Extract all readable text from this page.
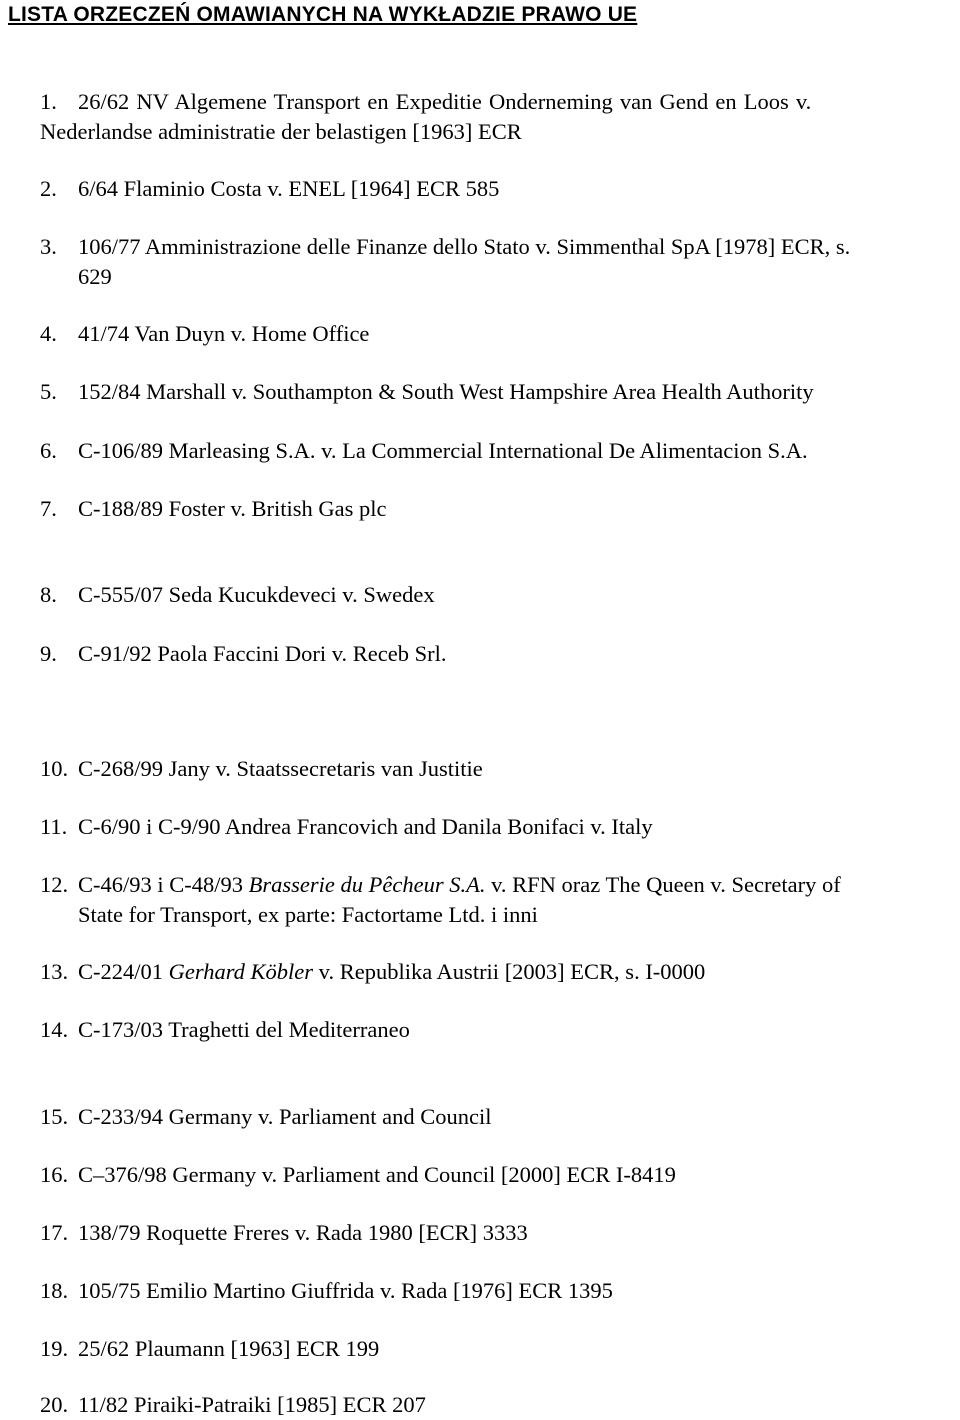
LISTA ORZECZEŃ OMAWIANYCH NA WYKŁADZIE PRAWO UE
1. 26/62 NV Algemene Transport en Expeditie Onderneming van Gend en Loos v.
Nederlandse administratie der belastigen [1963] ECR
2. 6/64 Flaminio Costa v. ENEL [1964] ECR 585
3. 106/77 Amministrazione delle Finanze dello Stato v. Simmenthal SpA [1978] ECR, s.
629
4. 41/74 Van Duyn v. Home Office
5. 152/84 Marshall v. Southampton & South West Hampshire Area Health Authority
6. C-106/89 Marleasing S.A. v. La Commercial International De Alimentacion S.A.
7. C-188/89 Foster v. British Gas plc
8. C-555/07 Seda Kucukdeveci v. Swedex
9. C-91/92 Paola Faccini Dori v. Receb Srl.
10. C-268/99 Jany v. Staatssecretaris van Justitie
11. C-6/90 i C-9/90 Andrea Francovich and Danila Bonifaci v. Italy
12. C-46/93 i C-48/93 Brasserie du Pêcheur S.A. v. RFN oraz The Queen v. Secretary of
State for Transport, ex parte: Factortame Ltd. i inni
13. C-224/01 Gerhard Köbler v. Republika Austrii [2003] ECR, s. I-0000
14. C-173/03 Traghetti del Mediterraneo
15. C-233/94 Germany v. Parliament and Council
16. C–376/98 Germany v. Parliament and Council [2000] ECR I-8419
17. 138/79 Roquette Freres v. Rada 1980 [ECR] 3333
18. 105/75 Emilio Martino Giuffrida v. Rada [1976] ECR 1395
19. 25/62 Plaumann [1963] ECR 199
20. 11/82 Piraiki-Patraiki [1985] ECR 207
